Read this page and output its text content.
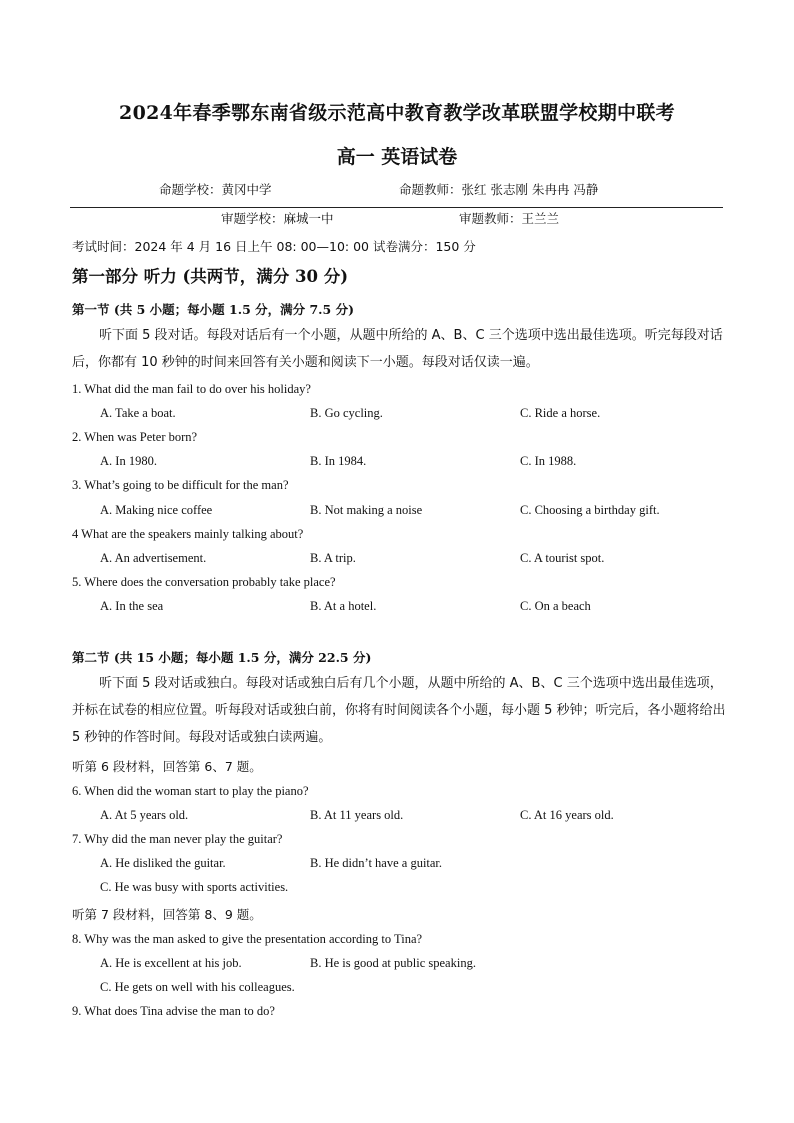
2024年春季鄂东南省级示范高中教育教学改革联盟学校期中联考
高一 英语试卷
命题学校：黄冈中学	命题教师：张红 张志刚 朱冉冉 冯静
审题学校：麻城一中	审题教师：王兰兰
考试时间：2024 年 4 月 16 日上午 08: 00—10: 00 试卷满分：150 分
第一部分 听力 (共两节，满分 30 分)
第一节 (共 5 小题；每小题 1.5 分，满分 7.5 分)
听下面 5 段对话。每段对话后有一个小题，从题中所给的 A、B、C 三个选项中选出最佳选项。听完每段对话后，你都有 10 秒钟的时间来回答有关小题和阅读下一小题。每段对话仅读一遍。
1. What did the man fail to do over his holiday?
A. Take a boat.	B. Go cycling.	C. Ride a horse.
2. When was Peter born?
A. In 1980.	B. In 1984.	C. In 1988.
3. What’s going to be difficult for the man?
A. Making nice coffee	B. Not making a noise	C. Choosing a birthday gift.
4 What are the speakers mainly talking about?
A. An advertisement.	B. A trip.	C. A tourist spot.
5. Where does the conversation probably take place?
A. In the sea	B. At a hotel.	C. On a beach
第二节 (共 15 小题；每小题 1.5 分，满分 22.5 分)
听下面 5 段对话或独白。每段对话或独白后有几个小题，从题中所给的 A、B、C 三个选项中选出最佳选项，并标在试卷的相应位置。听每段对话或独白前，你将有时间阅读各个小题，每小题 5 秒钟；听完后，各小题将给出 5 秒钟的作答时间。每段对话或独白读两遍。
听第 6 段材料，回答第 6、7 题。
6. When did the woman start to play the piano?
A. At 5 years old.	B. At 11 years old.	C. At 16 years old.
7. Why did the man never play the guitar?
A. He disliked the guitar.	B. He didn’t have a guitar.
C. He was busy with sports activities.
听第 7 段材料，回答第 8、9 题。
8. Why was the man asked to give the presentation according to Tina?
A. He is excellent at his job.	B. He is good at public speaking.
C. He gets on well with his colleagues.
9. What does Tina advise the man to do?
